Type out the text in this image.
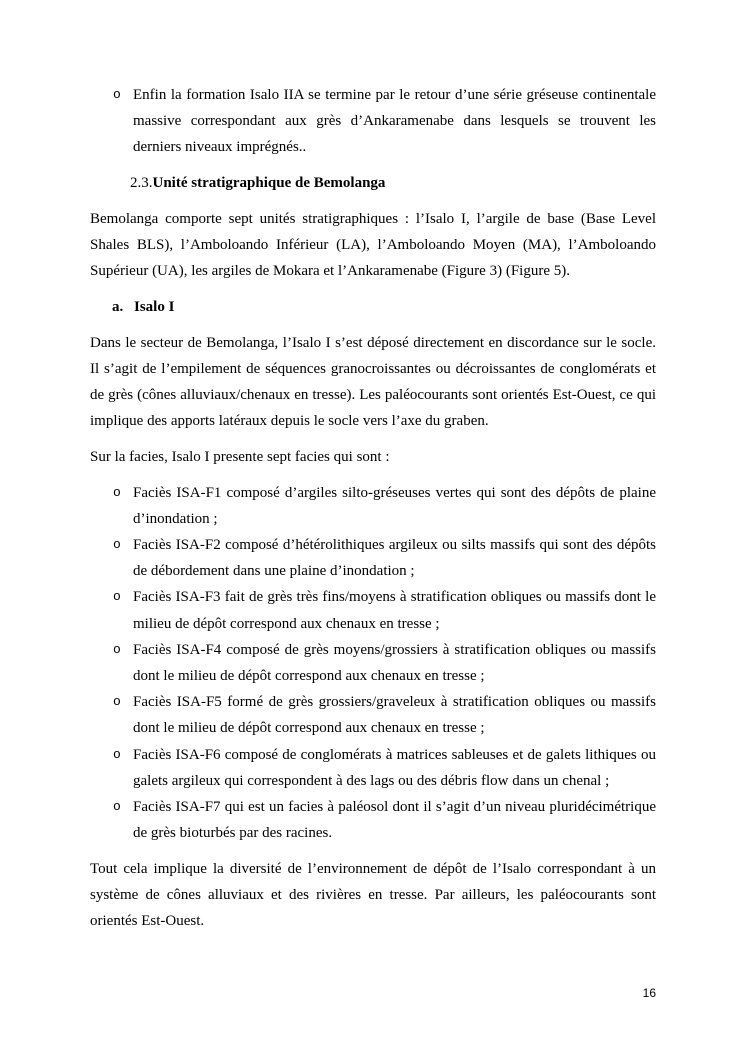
o Enfin la formation Isalo IIA se termine par le retour d’une série gréseuse continentale massive correspondant aux grès d’Ankaramenabe dans lesquels se trouvent les derniers niveaux imprégnés..
2.3.Unité stratigraphique de Bemolanga

Bemolanga comporte sept unités stratigraphiques : l’Isalo I, l’argile de base (Base Level Shales BLS), l’Amboloando Inférieur (LA), l’Amboloando Moyen (MA), l’Amboloando Supérieur (UA), les argiles de Mokara et l’Ankaramenabe (Figure 3) (Figure 5).

a. Isalo I

Dans le secteur de Bemolanga, l’Isalo I s’est déposé directement en discordance sur le socle. Il s’agit de l’empilement de séquences granocroissantes ou décroissantes de conglomérats et de grès (cônes alluviaux/chenaux en tresse). Les paléocourants sont orientés Est-Ouest, ce qui implique des apports latéraux depuis le socle vers l’axe du graben.

Sur la facies, Isalo I presente sept facies qui sont :

o Faciès ISA-F1 composé d’argiles silto-gréseuses vertes qui sont des dépôts de plaine d’inondation ;
o Faciès ISA-F2 composé d’hétérolithiques argileux ou silts massifs qui sont des dépôts de débordement dans une plaine d’inondation ;
o Faciès ISA-F3 fait de grès très fins/moyens à stratification obliques ou massifs dont le milieu de dépôt correspond aux chenaux en tresse ;
o Faciès ISA-F4 composé de grès moyens/grossiers à stratification obliques ou massifs dont le milieu de dépôt correspond aux chenaux en tresse ;
o Faciès ISA-F5 formé de grès grossiers/graveleux à stratification obliques ou massifs dont le milieu de dépôt correspond aux chenaux en tresse ;
o Faciès ISA-F6 composé de conglomérats à matrices sableuses et de galets lithiques ou galets argileux qui correspondent à des lags ou des débris flow dans un chenal ;
o Faciès ISA-F7 qui est un facies à paléosol dont il s’agit d’un niveau pluridécimétrique de grès bioturbés par des racines.

Tout cela implique la diversité de l’environnement de dépôt de l’Isalo correspondant à un système de cônes alluviaux et des rivières en tresse. Par ailleurs, les paléocourants sont orientés Est-Ouest.

16
